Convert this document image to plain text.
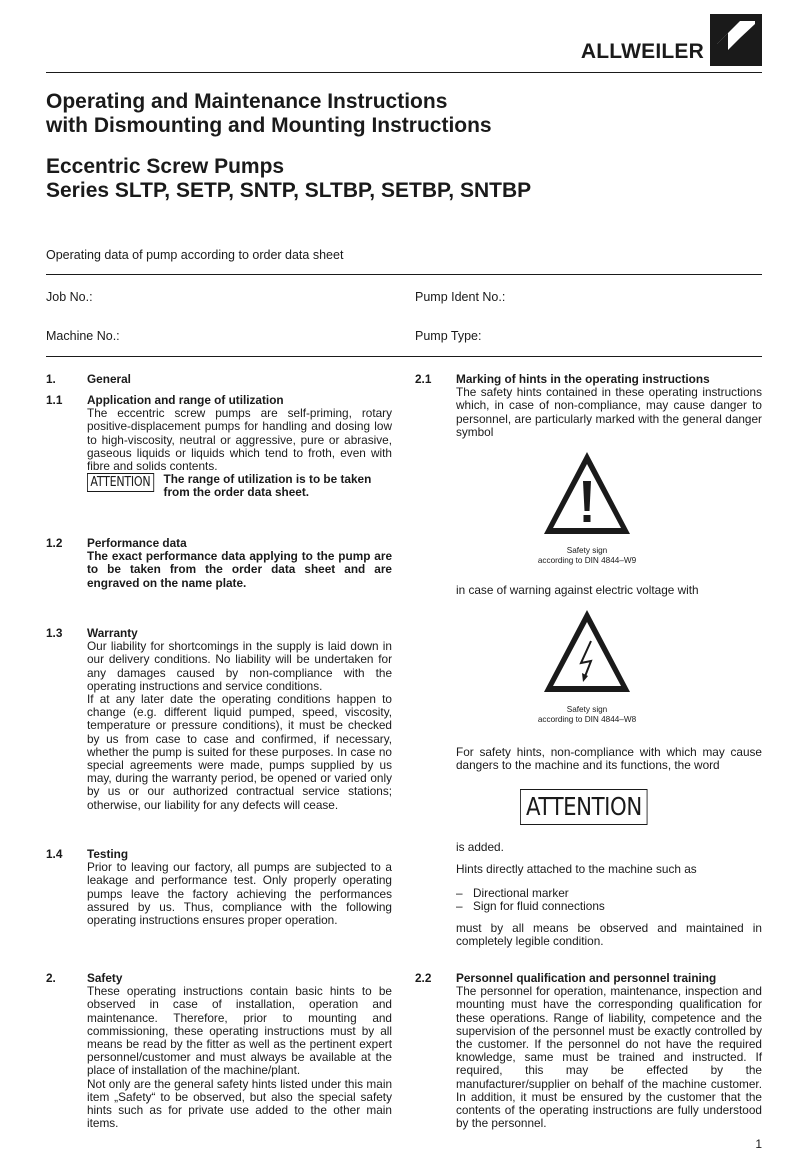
ALLWEILER
Operating and Maintenance Instructions
with Dismounting and Mounting Instructions
Eccentric Screw Pumps
Series SLTP, SETP, SNTP, SLTBP, SETBP, SNTBP
Operating data of pump according to order data sheet
Job No.:	Pump Ident No.:
Machine No.:	Pump Type:
1.	General
1.1 Application and range of utilization

The eccentric screw pumps are self-priming, rotary positive-displacement pumps for handling and dosing low to high-viscosity, neutral or aggressive, pure or abrasive, gaseous liquids or liquids which tend to froth, even with fibre and solids contents.

ATTENTION The range of utilization is to be taken from the order data sheet.
1.2 Performance data

The exact performance data applying to the pump are to be taken from the order data sheet and are engraved on the name plate.

1.3 Warranty

Our liability for shortcomings in the supply is laid down in our delivery conditions. No liability will be undertaken for any damages caused by non-compliance with the operating instructions and service conditions.

If at any later date the operating conditions happen to change (e.g. different liquid pumped, speed, viscosity, temperature or pressure conditions), it must be checked by us from case to case and confirmed, if necessary, whether the pump is suited for these purposes. In case no special agreements were made, pumps supplied by us may, during the warranty period, be opened or varied only by us or our authorized contractual service stations; otherwise, our liability for any defects will cease.

1.4 Testing

Prior to leaving our factory, all pumps are subjected to a leakage and performance test. Only properly operating pumps leave the factory achieving the performances assured by us. Thus, compliance with the following operating instructions ensures proper operation.

2.	Safety

These operating instructions contain basic hints to be observed in case of installation, operation and maintenance. Therefore, prior to mounting and commissioning, these operating instructions must by all means be read by the fitter as well as the pertinent expert personnel/customer and must always be available at the place of installation of the machine/plant.

Not only are the general safety hints listed under this main item „Safety“ to be observed, but also the special safety hints such as for private use added to the other main items.

2.1 Marking of hints in the operating instructions

The safety hints contained in these operating instructions which, in case of non-compliance, may cause danger to personnel, are particularly marked with the general danger symbol

Safety sign
according to DIN 4844–W9

in case of warning against electric voltage with

Safety sign
according to DIN 4844–W8

For safety hints, non-compliance with which may cause dangers to the machine and its functions, the word

ATTENTION

is added.

Hints directly attached to the machine such as

– Directional marker
– Sign for fluid connections

must by all means be observed and maintained in completely legible condition.

2.2 Personnel qualification and personnel training

The personnel for operation, maintenance, inspection and mounting must have the corresponding qualification for these operations. Range of liability, competence and the supervision of the personnel must be exactly controlled by the customer. If the personnel do not have the required knowledge, same must be trained and instructed. If required, this may be effected by the manufacturer/supplier on behalf of the machine customer. In addition, it must be ensured by the customer that the contents of the operating instructions are fully understood by the personnel.

1
